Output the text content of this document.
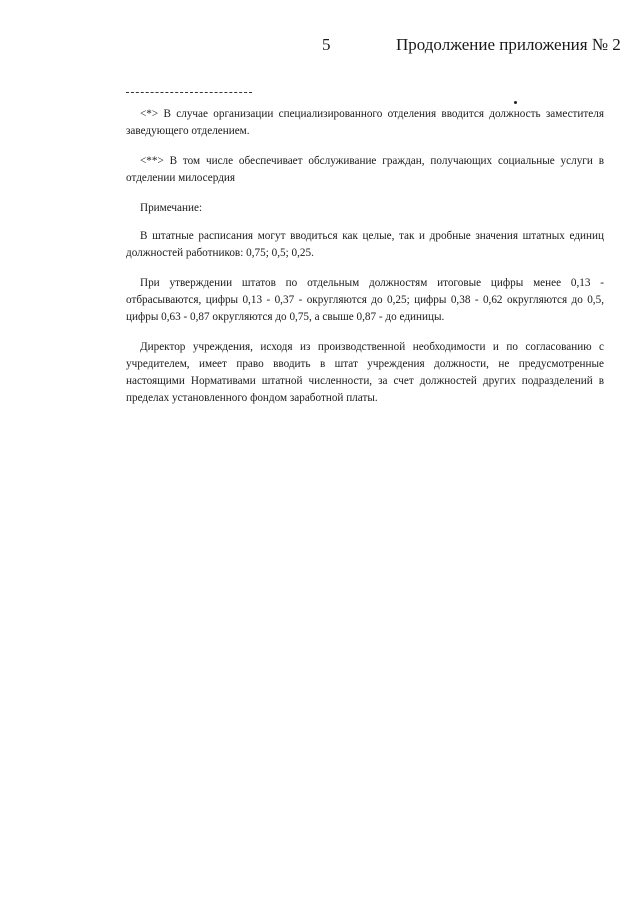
5	Продолжение приложения № 2

<*> В случае организации специализированного отделения вводится должность заместителя заведующего отделением.

<**> В том числе обеспечивает обслуживание граждан, получающих социальные услуги в отделении милосердия

Примечание:

В штатные расписания могут вводиться как целые, так и дробные значения штатных единиц должностей работников: 0,75; 0,5; 0,25.

При утверждении штатов по отдельным должностям итоговые цифры менее 0,13 - отбрасываются, цифры 0,13 - 0,37 - округляются до 0,25; цифры 0,38 - 0,62 округляются до 0,5, цифры 0,63 - 0,87 округляются до 0,75, а свыше 0,87 - до единицы.

Директор учреждения, исходя из производственной необходимости и по согласованию с учредителем, имеет право вводить в штат учреждения должности, не предусмотренные настоящими Нормативами штатной численности, за счет должностей других подразделений в пределах установленного фондом заработной платы.
